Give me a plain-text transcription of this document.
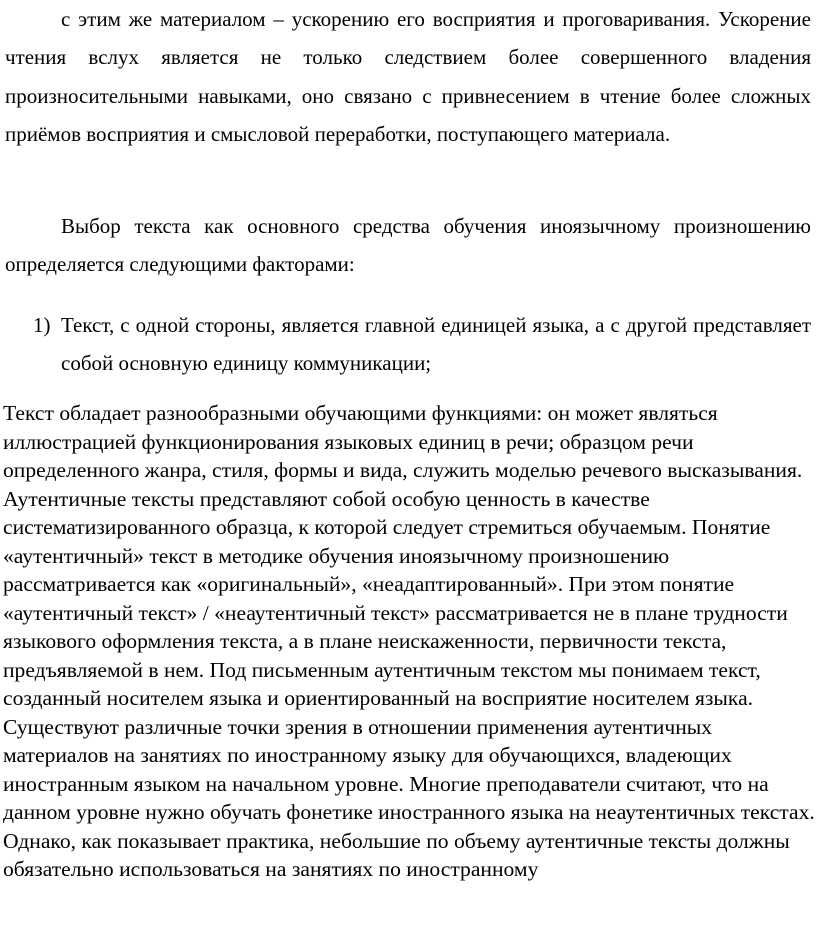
с этим же материалом – ускорению его восприятия и проговаривания. Ускорение чтения вслух является не только следствием более совершенного владения произносительными навыками, оно связано с привнесением в чтение более сложных приёмов восприятия и смысловой переработки, поступающего материала.

Выбор текста как основного средства обучения иноязычному произношению определяется следующими факторами:

1) Текст, с одной стороны, является главной единицей языка, а с другой представляет собой основную единицу коммуникации;

Текст обладает разнообразными обучающими функциями: он может являться иллюстрацией функционирования языковых единиц в речи; образцом речи определенного жанра, стиля, формы и вида, служить моделью речевого высказывания. Аутентичные тексты представляют собой особую ценность в качестве систематизированного образца, к которой следует стремиться обучаемым. Понятие «аутентичный» текст в методике обучения иноязычному произношению рассматривается как «оригинальный», «неадаптированный». При этом понятие «аутентичный текст» / «неаутентичный текст» рассматривается не в плане трудности языкового оформления текста, а в плане неискаженности, первичности текста, предъявляемой в нем. Под письменным аутентичным текстом мы понимаем текст, созданный носителем языка и ориентированный на восприятие носителем языка. Существуют различные точки зрения в отношении применения аутентичных материалов на занятиях по иностранному языку для обучающихся, владеющих иностранным языком на начальном уровне. Многие преподаватели считают, что на данном уровне нужно обучать фонетике иностранного языка на неаутентичных текстах. Однако, как показывает практика, небольшие по объему аутентичные тексты должны обязательно использоваться на занятиях по иностранному
